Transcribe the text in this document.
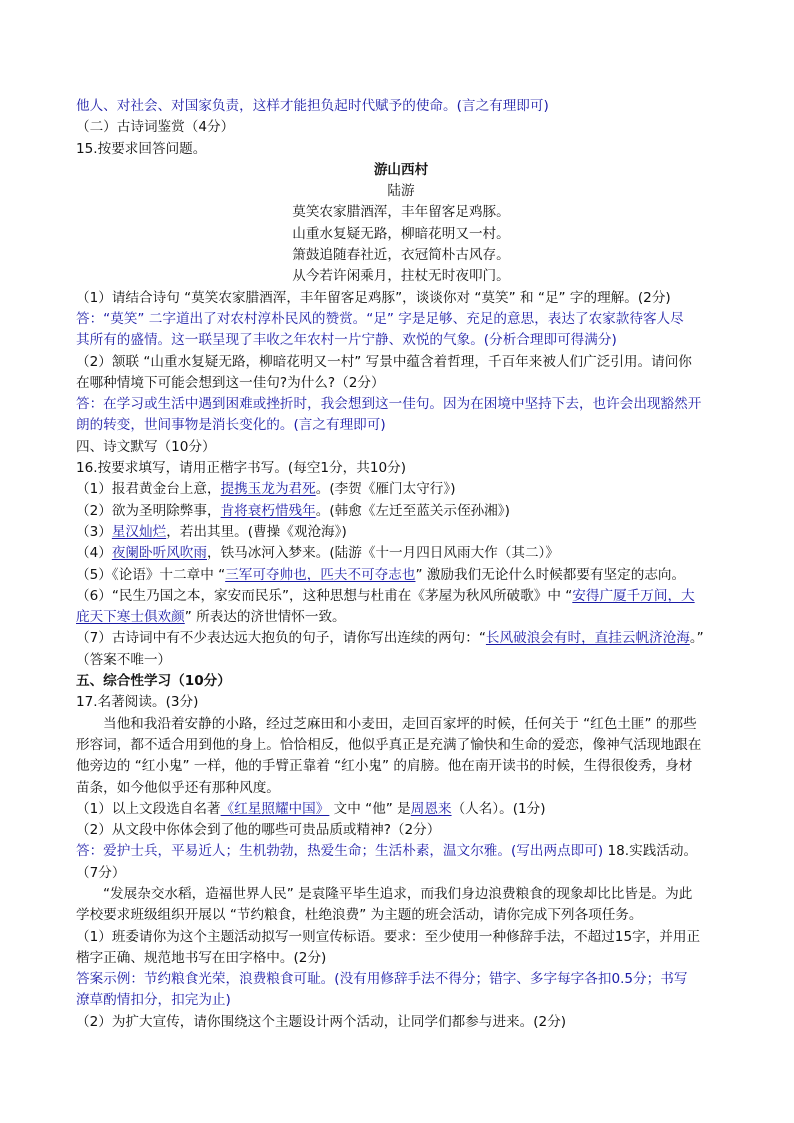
他人、对社会、对国家负责，这样才能担负起时代赋予的使命。(言之有理即可)
（二）古诗词鉴赏（4分）
15.按要求回答问题。
游山西村
陆游
莫笑农家腊酒浑，丰年留客足鸡豚。
山重水复疑无路，柳暗花明又一村。
箫鼓追随春社近，衣冠简朴古风存。
从今若许闲乘月，拄杖无时夜叩门。
（1）请结合诗句 “莫笑农家腊酒浑，丰年留客足鸡豚”，谈谈你对 “莫笑” 和 “足” 字的理解。(2分)
答：“莫笑” 二字道出了对农村淳朴民风的赞赏。“足” 字是足够、充足的意思，表达了农家款待客人尽
其所有的盛情。这一联呈现了丰收之年农村一片宁静、欢悦的气象。(分析合理即可得满分)
（2）颔联 “山重水复疑无路，柳暗花明又一村” 写景中蕴含着哲理，千百年来被人们广泛引用。请问你
在哪种情境下可能会想到这一佳句?为什么?（2分）
答：在学习或生活中遇到困难或挫折时，我会想到这一佳句。因为在困境中坚持下去，也许会出现豁然开
朗的转变，世间事物是消长变化的。(言之有理即可)
四、诗文默写（10分）
16.按要求填写，请用正楷字书写。(每空1分，共10分)
（1）报君黄金台上意，提携玉龙为君死。(李贺《雁门太守行》)
（2）欲为圣明除弊事，肯将衰朽惜残年。(韩愈《左迁至蓝关示侄孙湘》)
（3）星汉灿烂，若出其里。(曹操《观沧海》)
（4）夜阑卧听风吹雨，铁马冰河入梦来。(陆游《十一月四日风雨大作（其二）》
（5）《论语》十二章中 “三军可夺帅也，匹夫不可夺志也” 激励我们无论什么时候都要有坚定的志向。
（6）“民生乃国之本，家安而民乐”，这种思想与杜甫在《茅屋为秋风所破歌》中 “安得广厦千万间，大
庇天下寒士俱欢颜” 所表达的济世情怀一致。
（7）古诗词中有不少表达远大抱负的句子，请你写出连续的两句：“长风破浪会有时，直挂云帆济沧海。”
（答案不唯一）
五、综合性学习（10分）
17.名著阅读。(3分)
当他和我沿着安静的小路，经过芝麻田和小麦田，走回百家坪的时候，任何关于 “红色土匪” 的那些
形容词，都不适合用到他的身上。恰恰相反，他似乎真正是充满了愉快和生命的爱恋，像神气活现地跟在
他旁边的 “红小鬼” 一样，他的手臂正靠着 “红小鬼” 的肩膀。他在南开读书的时候，生得很俊秀，身材
苗条，如今他似乎还有那种风度。
（1）以上文段选自名著《红星照耀中国》 文中 “他” 是周恩来（人名）。(1分)
（2）从文段中你体会到了他的哪些可贵品质或精神?（2分）
答：爱护士兵，平易近人；生机勃勃，热爱生命；生活朴素，温文尔雅。(写出两点即可) 18.实践活动。
（7分）
“发展杂交水稻，造福世界人民” 是袁隆平毕生追求，而我们身边浪费粮食的现象却比比皆是。为此
学校要求班级组织开展以 “节约粮食，杜绝浪费” 为主题的班会活动，请你完成下列各项任务。
（1）班委请你为这个主题活动拟写一则宣传标语。要求：至少使用一种修辞手法，不超过15字，并用正
楷字正确、规范地书写在田字格中。(2分)
答案示例：节约粮食光荣，浪费粮食可耻。(没有用修辞手法不得分；错字、多字每字各扣0.5分；书写
潦草酌情扣分，扣完为止)
（2）为扩大宣传，请你围绕这个主题设计两个活动，让同学们都参与进来。(2分)
